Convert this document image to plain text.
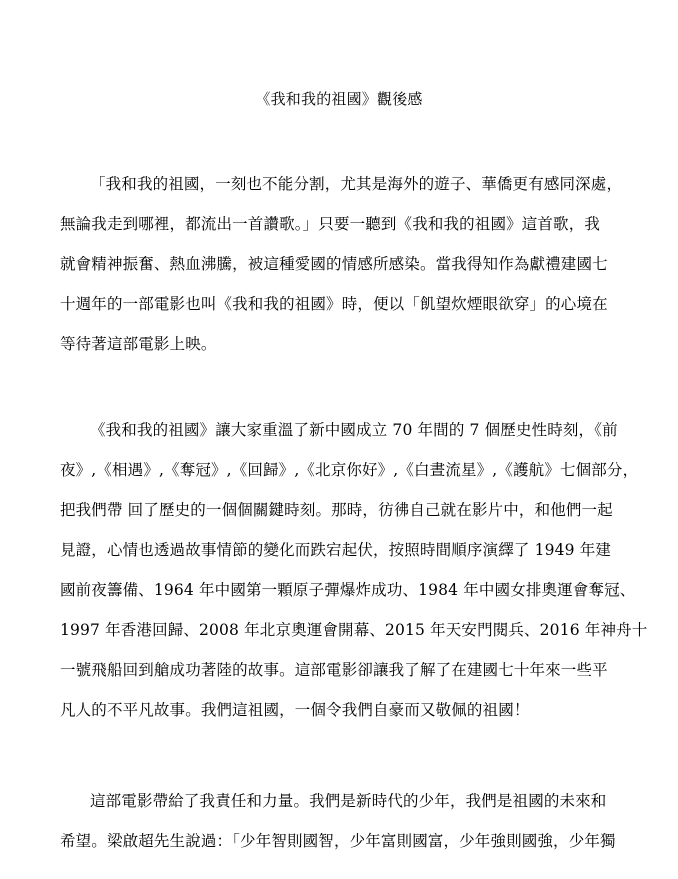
《我和我的祖國》觀後感
「我和我的祖國，一刻也不能分割，尤其是海外的遊子、華僑更有感同深處，
無論我走到哪裡，都流出一首讚歌。」只要一聽到《我和我的祖國》這首歌，我
就會精神振奮、熱血沸騰，被這種愛國的情感所感染。當我得知作為獻禮建國七
十週年的一部電影也叫《我和我的祖國》時，便以「飢望炊煙眼欲穿」的心境在
等待著這部電影上映。
《我和我的祖國》讓大家重溫了新中國成立 70 年間的 7 個歷史性時刻，《前
夜》,《相遇》,《奪冠》,《回歸》,《北京你好》,《白晝流星》,《護航》七個部分，
把我們帶 回了歷史的一個個關鍵時刻。那時，彷彿自己就在影片中，和他們一起
見證，心情也透過故事情節的變化而跌宕起伏，按照時間順序演繹了 1949 年建
國前夜籌備、1964 年中國第一顆原子彈爆炸成功、1984 年中國女排奧運會奪冠、
1997 年香港回歸、2008 年北京奧運會開幕、2015 年天安門閱兵、2016 年神舟十
一號飛船回到艙成功著陸的故事。這部電影卻讓我了解了在建國七十年來一些平
凡人的不平凡故事。我們這祖國，一個令我們自豪而又敬佩的祖國！
這部電影帶給了我責任和力量。我們是新時代的少年，我們是祖國的未來和
希望。梁啟超先生說過：「少年智則國智，少年富則國富，少年強則國強，少年獨
